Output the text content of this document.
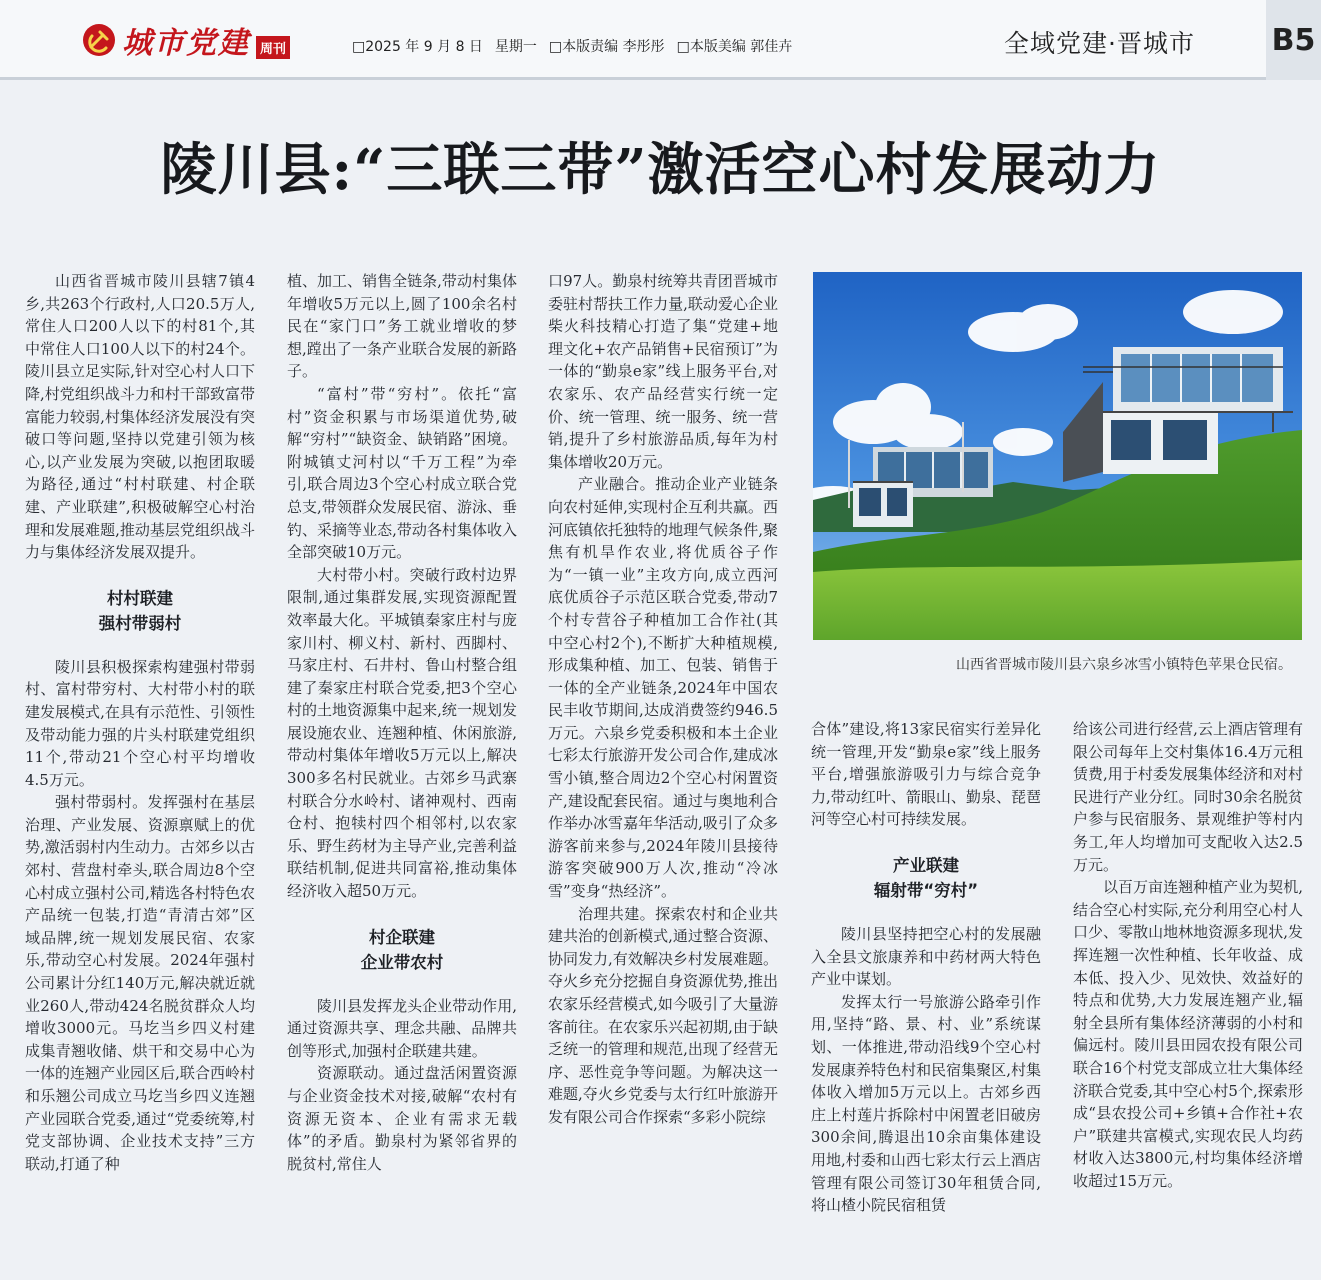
城市党建 周刊	□2025 年 9 月 8 日 星期一 □本版责编 李彤彤 □本版美编 郭佳卉	全域党建·晋城市	B5
陵川县:“三联三带”激活空心村发展动力

山西省晋城市陵川县辖7镇4乡,共263个行政村,人口20.5万人,常住人口200人以下的村81个,其中常住人口100人以下的村24个。陵川县立足实际,针对空心村人口下降,村党组织战斗力和村干部致富带富能力较弱,村集体经济发展没有突破口等问题,坚持以党建引领为核心,以产业发展为突破,以抱团取暖为路径,通过“村村联建、村企联建、产业联建”,积极破解空心村治理和发展难题,推动基层党组织战斗力与集体经济发展双提升。

村村联建
强村带弱村

陵川县积极探索构建强村带弱村、富村带穷村、大村带小村的联建发展模式,在具有示范性、引领性及带动能力强的片头村联建党组织11个,带动21个空心村平均增收4.5万元。

强村带弱村。发挥强村在基层治理、产业发展、资源禀赋上的优势,激活弱村内生动力。古郊乡以古郊村、营盘村牵头,联合周边8个空心村成立强村公司,精选各村特色农产品统一包装,打造“青清古郊”区域品牌,统一规划发展民宿、农家乐,带动空心村发展。2024年强村公司累计分红140万元,解决就近就业260人,带动424名脱贫群众人均增收3000元。马圪当乡四义村建成集青翘收储、烘干和交易中心为一体的连翘产业园区后,联合西岭村和乐翘公司成立马圪当乡四义连翘产业园联合党委,通过“党委统筹,村党支部协调、企业技术支持”三方联动,打通了种

植、加工、销售全链条,带动村集体年增收5万元以上,圆了100余名村民在“家门口”务工就业增收的梦想,蹚出了一条产业联合发展的新路子。

“富村”带“穷村”。依托“富村”资金积累与市场渠道优势,破解“穷村”“缺资金、缺销路”困境。附城镇丈河村以“千万工程”为牵引,联合周边3个空心村成立联合党总支,带领群众发展民宿、游泳、垂钓、采摘等业态,带动各村集体收入全部突破10万元。

大村带小村。突破行政村边界限制,通过集群发展,实现资源配置效率最大化。平城镇秦家庄村与庞家川村、柳义村、新村、西脚村、马家庄村、石井村、鲁山村整合组建了秦家庄村联合党委,把3个空心村的土地资源集中起来,统一规划发展设施农业、连翘种植、休闲旅游,带动村集体年增收5万元以上,解决300多名村民就业。古郊乡马武寨村联合分水岭村、诸神观村、西南仓村、抱犊村四个相邻村,以农家乐、野生药材为主导产业,完善利益联结机制,促进共同富裕,推动集体经济收入超50万元。

村企联建
企业带农村

陵川县发挥龙头企业带动作用,通过资源共享、理念共融、品牌共创等形式,加强村企联建共建。

资源联动。通过盘活闲置资源与企业资金技术对接,破解“农村有资源无资本、企业有需求无载体”的矛盾。勤泉村为紧邻省界的脱贫村,常住人

口97人。勤泉村统筹共青团晋城市委驻村帮扶工作力量,联动爱心企业柴火科技精心打造了集“党建+地理文化+农产品销售+民宿预订”为一体的“勤泉e家”线上服务平台,对农家乐、农产品经营实行统一定价、统一管理、统一服务、统一营销,提升了乡村旅游品质,每年为村集体增收20万元。

产业融合。推动企业产业链条向农村延伸,实现村企互利共赢。西河底镇依托独特的地理气候条件,聚焦有机旱作农业,将优质谷子作为“一镇一业”主攻方向,成立西河底优质谷子示范区联合党委,带动7个村专营谷子种植加工合作社(其中空心村2个),不断扩大种植规模,形成集种植、加工、包装、销售于一体的全产业链条,2024年中国农民丰收节期间,达成消费签约946.5万元。六泉乡党委积极和本土企业七彩太行旅游开发公司合作,建成冰雪小镇,整合周边2个空心村闲置资产,建设配套民宿。通过与奥地利合作举办冰雪嘉年华活动,吸引了众多游客前来参与,2024年陵川县接待游客突破900万人次,推动“冷冰雪”变身“热经济”。

治理共建。探索农村和企业共建共治的创新模式,通过整合资源、协同发力,有效解决乡村发展难题。夺火乡充分挖掘自身资源优势,推出农家乐经营模式,如今吸引了大量游客前往。在农家乐兴起初期,由于缺乏统一的管理和规范,出现了经营无序、恶性竞争等问题。为解决这一难题,夺火乡党委与太行红叶旅游开发有限公司合作探索“多彩小院综

合体”建设,将13家民宿实行差异化统一管理,开发“勤泉e家”线上服务平台,增强旅游吸引力与综合竞争力,带动红叶、箭眼山、勤泉、琵琶河等空心村可持续发展。

产业联建
辐射带“穷村”

陵川县坚持把空心村的发展融入全县文旅康养和中药材两大特色产业中谋划。

发挥太行一号旅游公路牵引作用,坚持“路、景、村、业”系统谋划、一体推进,带动沿线9个空心村发展康养特色村和民宿集聚区,村集体收入增加5万元以上。古郊乡西庄上村莲片拆除村中闲置老旧破房300余间,腾退出10余亩集体建设用地,村委和山西七彩太行云上酒店管理有限公司签订30年租赁合同,将山楂小院民宿租赁

给该公司进行经营,云上酒店管理有限公司每年上交村集体16.4万元租赁费,用于村委发展集体经济和对村民进行产业分红。同时30余名脱贫户参与民宿服务、景观维护等村内务工,年人均增加可支配收入达2.5万元。

以百万亩连翘种植产业为契机,结合空心村实际,充分利用空心村人口少、零散山地林地资源多现状,发挥连翘一次性种植、长年收益、成本低、投入少、见效快、效益好的特点和优势,大力发展连翘产业,辐射全县所有集体经济薄弱的小村和偏远村。陵川县田园农投有限公司联合16个村党支部成立壮大集体经济联合党委,其中空心村5个,探索形成“县农投公司+乡镇+合作社+农户”联建共富模式,实现农民人均药材收入达3800元,村均集体经济增收超过15万元。

山西省晋城市陵川县六泉乡冰雪小镇特色苹果仓民宿。
